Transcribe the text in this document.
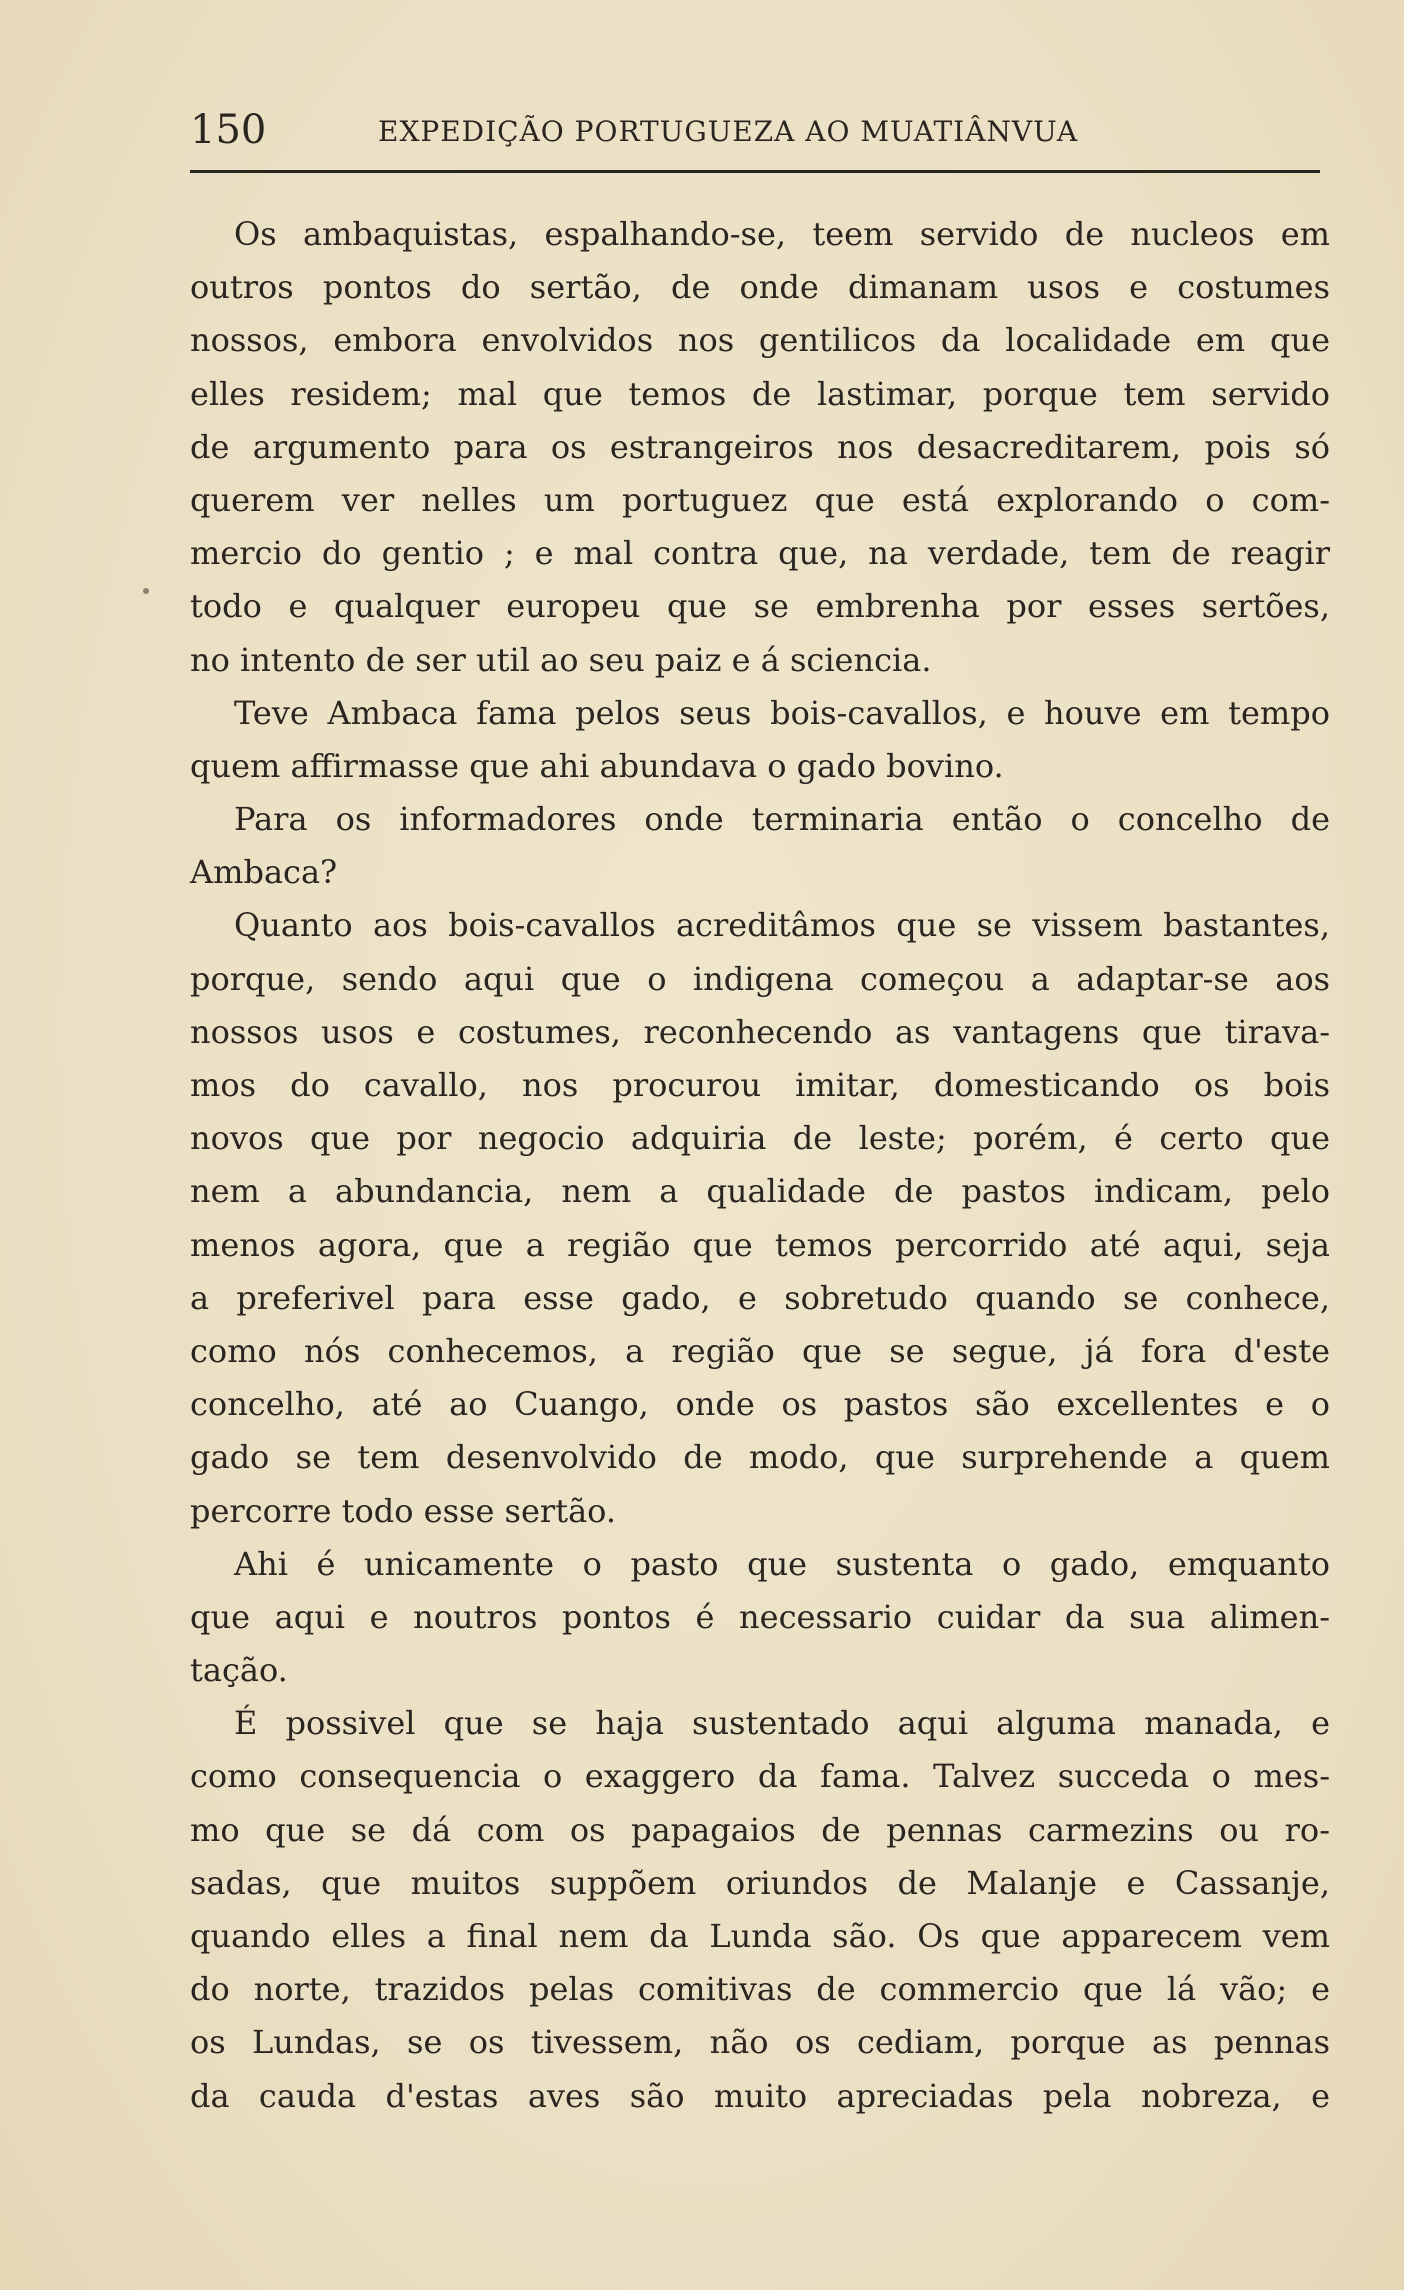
150	EXPEDIÇÃO PORTUGUEZA AO MUATIÂNVUA
Os ambaquistas, espalhando-se, teem servido de nucleos em
outros pontos do sertão, de onde dimanam usos e costumes
nossos, embora envolvidos nos gentilicos da localidade em que
elles residem; mal que temos de lastimar, porque tem servido
de argumento para os estrangeiros nos desacreditarem, pois só
querem ver nelles um portuguez que está explorando o com-
mercio do gentio ; e mal contra que, na verdade, tem de reagir
todo e qualquer europeu que se embrenha por esses sertões,
no intento de ser util ao seu paiz e á sciencia.
Teve Ambaca fama pelos seus bois-cavallos, e houve em tempo
quem affirmasse que ahi abundava o gado bovino.
Para os informadores onde terminaria então o concelho de
Ambaca?
Quanto aos bois-cavallos acreditâmos que se vissem bastantes,
porque, sendo aqui que o indigena começou a adaptar-se aos
nossos usos e costumes, reconhecendo as vantagens que tirava-
mos do cavallo, nos procurou imitar, domesticando os bois
novos que por negocio adquiria de leste; porém, é certo que
nem a abundancia, nem a qualidade de pastos indicam, pelo
menos agora, que a região que temos percorrido até aqui, seja
a preferivel para esse gado, e sobretudo quando se conhece,
como nós conhecemos, a região que se segue, já fora d'este
concelho, até ao Cuango, onde os pastos são excellentes e o
gado se tem desenvolvido de modo, que surprehende a quem
percorre todo esse sertão.
Ahi é unicamente o pasto que sustenta o gado, emquanto
que aqui e noutros pontos é necessario cuidar da sua alimen-
tação.
É possivel que se haja sustentado aqui alguma manada, e
como consequencia o exaggero da fama. Talvez succeda o mes-
mo que se dá com os papagaios de pennas carmezins ou ro-
sadas, que muitos suppõem oriundos de Malanje e Cassanje,
quando elles a final nem da Lunda são. Os que apparecem vem
do norte, trazidos pelas comitivas de commercio que lá vão; e
os Lundas, se os tivessem, não os cediam, porque as pennas
da cauda d'estas aves são muito apreciadas pela nobreza, e
